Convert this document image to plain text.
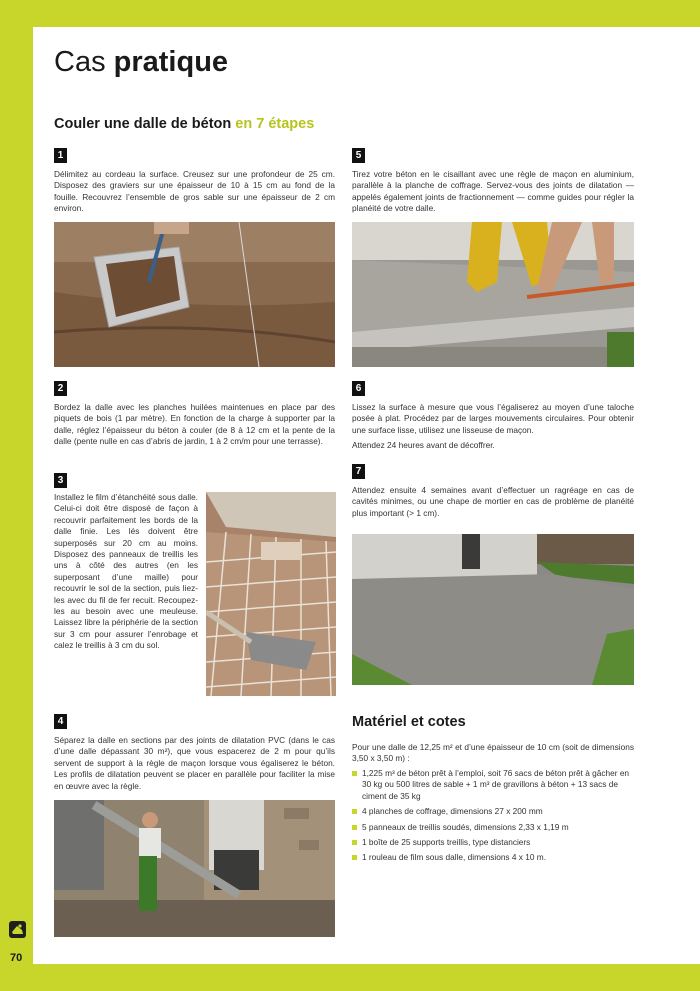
Cas pratique
Couler une dalle de béton en 7 étapes
1
Délimitez au cordeau la surface. Creusez sur une profondeur de 25 cm. Disposez des graviers sur une épaisseur de 10 à 15 cm au fond de la fouille. Recouvrez l’ensemble de gros sable sur une épaisseur de 2 cm environ.
2
Bordez la dalle avec les planches huilées maintenues en place par des piquets de bois (1 par mètre). En fonction de la charge à supporter par la dalle, réglez l’épaisseur du béton à couler (de 8 à 12 cm et la pente de la dalle (pente nulle en cas d’abris de jardin, 1 à 2 cm/m pour une terrasse).
3
Installez le film d’étanchéité sous dalle. Celui-ci doit être disposé de façon à recouvrir parfaitement les bords de la dalle finie. Les lés doivent être superposés sur 20 cm au moins. Disposez des panneaux de treillis les uns à côté des autres (en les superposant d’une maille) pour recouvrir le sol de la section, puis liez-les avec du fil de fer recuit. Recoupez-les au besoin avec une meuleuse. Laissez libre la périphérie de la section sur 3 cm pour assurer l’enrobage et calez le treillis à 3 cm du sol.
4
Séparez la dalle en sections par des joints de dilatation PVC (dans le cas d’une dalle dépassant 30 m²), que vous espacerez de 2 m pour qu’ils servent de support à la règle de maçon lorsque vous égaliserez le béton. Les profils de dilatation peuvent se placer en parallèle pour faciliter la mise en œuvre avec la règle.
5
Tirez votre béton en le cisaillant avec une règle de maçon en aluminium, parallèle à la planche de coffrage. Servez-vous des joints de dilatation — appelés également joints de fractionnement — comme guides pour régler la planéité de votre dalle.
6
Lissez la surface à mesure que vous l’égaliserez au moyen d’une taloche posée à plat. Procédez par de larges mouvements circulaires. Pour obtenir une surface lisse, utilisez une lisseuse de maçon.
Attendez 24 heures avant de décoffrer.
7
Attendez ensuite 4 semaines avant d’effectuer un ragréage en cas de cavités minimes, ou une chape de mortier en cas de problème de planéité plus important (> 1 cm).
Matériel et cotes
Pour une dalle de 12,25 m² et d’une épaisseur de 10 cm (soit de dimensions 3,50 x 3,50 m) :
1,225 m³ de béton prêt à l’emploi, soit 76 sacs de béton prêt à gâcher en 30 kg ou 500 litres de sable + 1 m³ de gravillons à béton + 13 sacs de ciment de 35 kg
4 planches de coffrage, dimensions 27 x 200 mm
5 panneaux de treillis soudés, dimensions 2,33 x 1,19 m
1 boîte de 25 supports treillis, type distanciers
1 rouleau de film sous dalle, dimensions 4 x 10 m.
70
